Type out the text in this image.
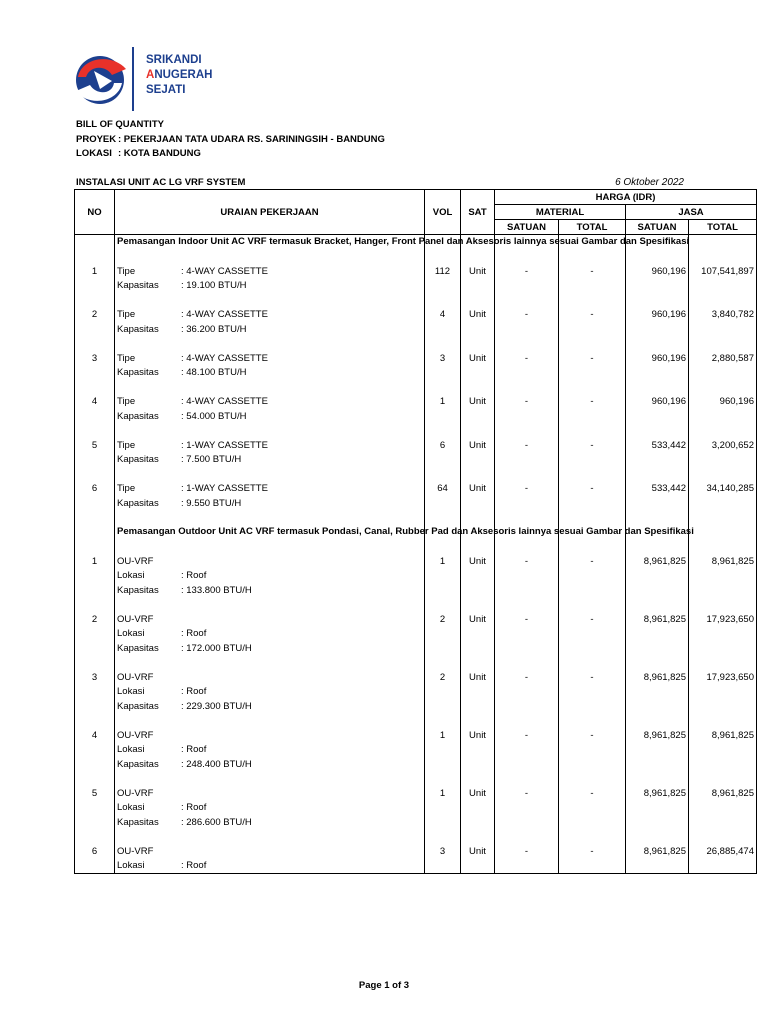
SRIKANDI
ANUGERAH
SEJATI
BILL OF QUANTITY
PROYEK : PEKERJAAN TATA UDARA RS. SARININGSIH - BANDUNG
LOKASI : KOTA BANDUNG
INSTALASI UNIT AC LG VRF SYSTEM	6 Oktober 2022
NO	URAIAN PEKERJAAN	VOL	SAT	HARGA (IDR)			
				MATERIAL		JASA	
				SATUAN	TOTAL	SATUAN	TOTAL
	Pemasangan Indoor Unit AC VRF termasuk Bracket, Hanger, Front Panel dan Aksesoris lainnya sesuai Gambar dan Spesifikasi						

1	Tipe : 4-WAY CASSETTE	112	Unit	-	-	960,196	107,541,897
	Kapasitas : 19.100 BTU/H						

2	Tipe : 4-WAY CASSETTE	4	Unit	-	-	960,196	3,840,782
	Kapasitas : 36.200 BTU/H						

3	Tipe : 4-WAY CASSETTE	3	Unit	-	-	960,196	2,880,587
	Kapasitas : 48.100 BTU/H						

4	Tipe : 4-WAY CASSETTE	1	Unit	-	-	960,196	960,196
	Kapasitas : 54.000 BTU/H						

5	Tipe : 1-WAY CASSETTE	6	Unit	-	-	533,442	3,200,652
	Kapasitas : 7.500 BTU/H						

6	Tipe : 1-WAY CASSETTE	64	Unit	-	-	533,442	34,140,285
	Kapasitas : 9.550 BTU/H						

	Pemasangan Outdoor Unit AC VRF termasuk Pondasi, Canal, Rubber Pad dan Aksesoris lainnya sesuai Gambar dan Spesifikasi						

1	OU-VRF	1	Unit	-	-	8,961,825	8,961,825
	Lokasi : Roof						
	Kapasitas : 133.800 BTU/H						

2	OU-VRF	2	Unit	-	-	8,961,825	17,923,650
	Lokasi : Roof						
	Kapasitas : 172.000 BTU/H						

3	OU-VRF	2	Unit	-	-	8,961,825	17,923,650
	Lokasi : Roof						
	Kapasitas : 229.300 BTU/H						

4	OU-VRF	1	Unit	-	-	8,961,825	8,961,825
	Lokasi : Roof						
	Kapasitas : 248.400 BTU/H						

5	OU-VRF	1	Unit	-	-	8,961,825	8,961,825
	Lokasi : Roof						
	Kapasitas : 286.600 BTU/H						

6	OU-VRF	3	Unit	-	-	8,961,825	26,885,474
	Lokasi : Roof						
Page 1 of 3
